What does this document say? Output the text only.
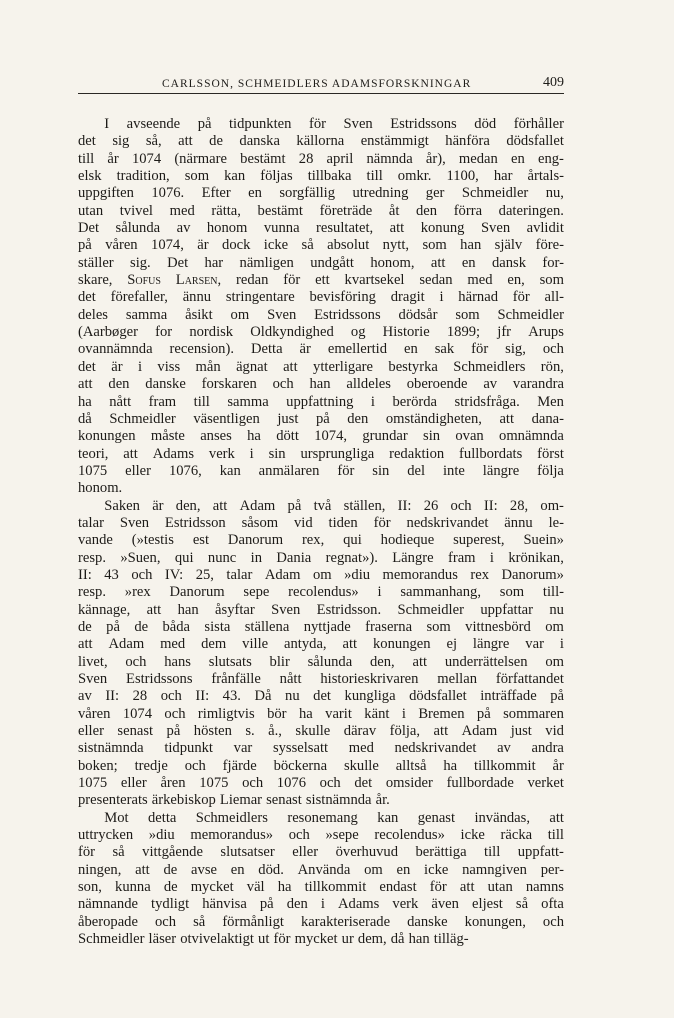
CARLSSON, SCHMEIDLERS ADAMSFORSKNINGAR	409
I avseende på tidpunkten för Sven Estridssons död förhåller
det sig så, att de danska källorna enstämmigt hänföra dödsfallet
till år 1074 (närmare bestämt 28 april nämnda år), medan en eng-
elsk tradition, som kan följas tillbaka till omkr. 1100, har årtals-
uppgiften 1076. Efter en sorgfällig utredning ger Schmeidler nu,
utan tvivel med rätta, bestämt företräde åt den förra dateringen.
Det sålunda av honom vunna resultatet, att konung Sven avlidit
på våren 1074, är dock icke så absolut nytt, som han själv före-
ställer sig. Det har nämligen undgått honom, att en dansk for-
skare, Sofus Larsen, redan för ett kvartsekel sedan med en, som
det förefaller, ännu stringentare bevisföring dragit i härnad för all-
deles samma åsikt om Sven Estridssons dödsår som Schmeidler
(Aarbøger for nordisk Oldkyndighed og Historie 1899; jfr Arups
ovannämnda recension). Detta är emellertid en sak för sig, och
det är i viss mån ägnat att ytterligare bestyrka Schmeidlers rön,
att den danske forskaren och han alldeles oberoende av varandra
ha nått fram till samma uppfattning i berörda stridsfråga. Men
då Schmeidler väsentligen just på den omständigheten, att dana-
konungen måste anses ha dött 1074, grundar sin ovan omnämnda
teori, att Adams verk i sin ursprungliga redaktion fullbordats först
1075 eller 1076, kan anmälaren för sin del inte längre följa
honom.
Saken är den, att Adam på två ställen, II: 26 och II: 28, om-
talar Sven Estridsson såsom vid tiden för nedskrivandet ännu le-
vande (»testis est Danorum rex, qui hodieque superest, Suein»
resp. »Suen, qui nunc in Dania regnat»). Längre fram i krönikan,
II: 43 och IV: 25, talar Adam om »diu memorandus rex Danorum»
resp. »rex Danorum sepe recolendus» i sammanhang, som till-
kännage, att han åsyftar Sven Estridsson. Schmeidler uppfattar nu
de på de båda sista ställena nyttjade fraserna som vittnesbörd om
att Adam med dem ville antyda, att konungen ej längre var i
livet, och hans slutsats blir sålunda den, att underrättelsen om
Sven Estridssons frånfälle nått historieskrivaren mellan författandet
av II: 28 och II: 43. Då nu det kungliga dödsfallet inträffade på
våren 1074 och rimligtvis bör ha varit känt i Bremen på sommaren
eller senast på hösten s. å., skulle därav följa, att Adam just vid
sistnämnda tidpunkt var sysselsatt med nedskrivandet av andra
boken; tredje och fjärde böckerna skulle alltså ha tillkommit år
1075 eller åren 1075 och 1076 och det omsider fullbordade verket
presenterats ärkebiskop Liemar senast sistnämnda år.
Mot detta Schmeidlers resonemang kan genast invändas, att
uttrycken »diu memorandus» och »sepe recolendus» icke räcka till
för så vittgående slutsatser eller överhuvud berättiga till uppfatt-
ningen, att de avse en död. Använda om en icke namngiven per-
son, kunna de mycket väl ha tillkommit endast för att utan namns
nämnande tydligt hänvisa på den i Adams verk även eljest så ofta
åberopade och så förmånligt karakteriserade danske konungen, och
Schmeidler läser otvivelaktigt ut för mycket ur dem, då han tilläg-
